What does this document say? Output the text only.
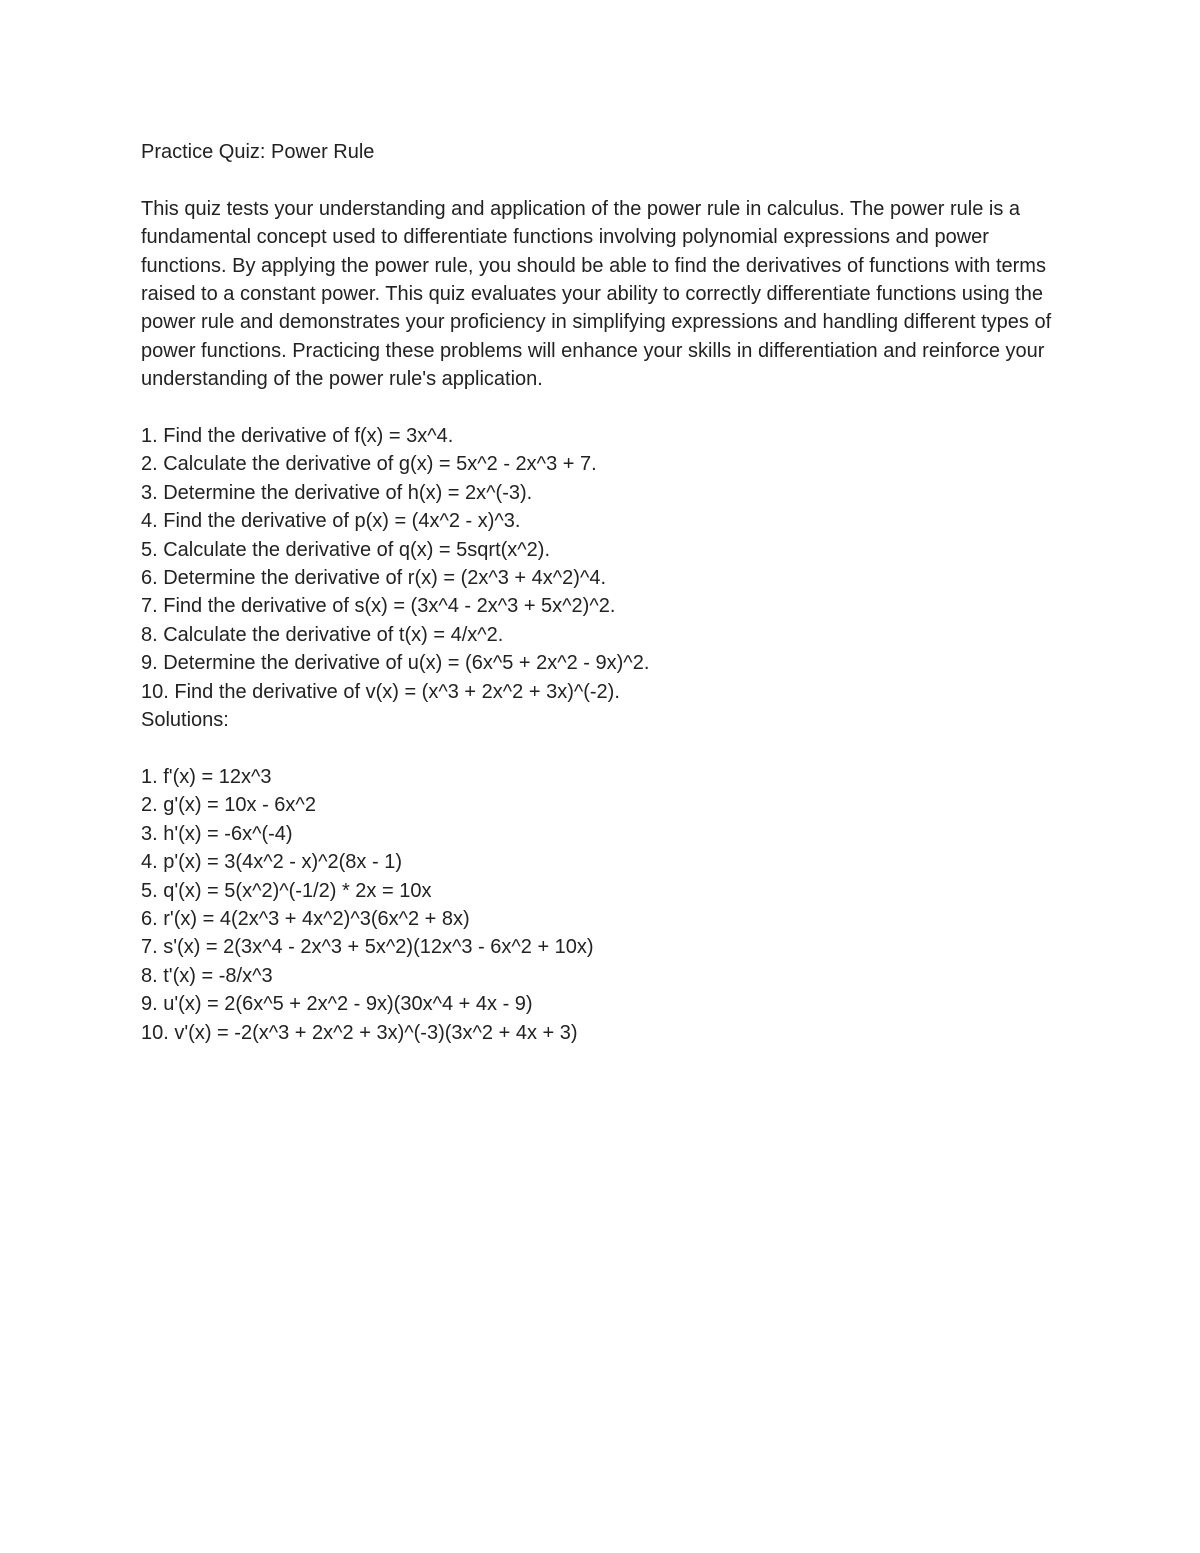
Practice Quiz: Power Rule

This quiz tests your understanding and application of the power rule in calculus. The power rule is a fundamental concept used to differentiate functions involving polynomial expressions and power functions. By applying the power rule, you should be able to find the derivatives of functions with terms raised to a constant power. This quiz evaluates your ability to correctly differentiate functions using the power rule and demonstrates your proficiency in simplifying expressions and handling different types of power functions. Practicing these problems will enhance your skills in differentiation and reinforce your understanding of the power rule's application.

1. Find the derivative of f(x) = 3x^4.
2. Calculate the derivative of g(x) = 5x^2 - 2x^3 + 7.
3. Determine the derivative of h(x) = 2x^(-3).
4. Find the derivative of p(x) = (4x^2 - x)^3.
5. Calculate the derivative of q(x) = 5sqrt(x^2).
6. Determine the derivative of r(x) = (2x^3 + 4x^2)^4.
7. Find the derivative of s(x) = (3x^4 - 2x^3 + 5x^2)^2.
8. Calculate the derivative of t(x) = 4/x^2.
9. Determine the derivative of u(x) = (6x^5 + 2x^2 - 9x)^2.
10. Find the derivative of v(x) = (x^3 + 2x^2 + 3x)^(-2).

Solutions:

1. f'(x) = 12x^3
2. g'(x) = 10x - 6x^2
3. h'(x) = -6x^(-4)
4. p'(x) = 3(4x^2 - x)^2(8x - 1)
5. q'(x) = 5(x^2)^(-1/2) * 2x = 10x
6. r'(x) = 4(2x^3 + 4x^2)^3(6x^2 + 8x)
7. s'(x) = 2(3x^4 - 2x^3 + 5x^2)(12x^3 - 6x^2 + 10x)
8. t'(x) = -8/x^3
9. u'(x) = 2(6x^5 + 2x^2 - 9x)(30x^4 + 4x - 9)
10. v'(x) = -2(x^3 + 2x^2 + 3x)^(-3)(3x^2 + 4x + 3)
